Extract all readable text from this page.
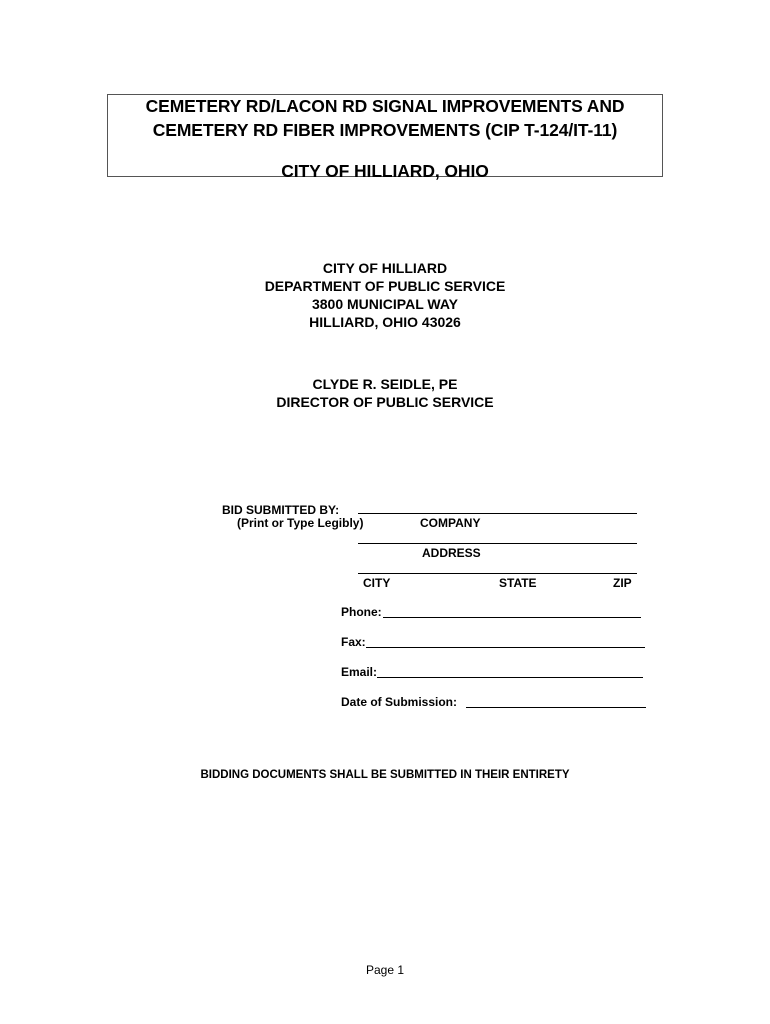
CEMETERY RD/LACON RD SIGNAL IMPROVEMENTS AND
CEMETERY RD FIBER IMPROVEMENTS (CIP T-124/IT-11)
CITY OF HILLIARD, OHIO
CITY OF HILLIARD
DEPARTMENT OF PUBLIC SERVICE
3800 MUNICIPAL WAY
HILLIARD, OHIO 43026
CLYDE R. SEIDLE, PE
DIRECTOR OF PUBLIC SERVICE
BID SUBMITTED BY:
(Print or Type Legibly)	COMPANY
ADDRESS
CITY	STATE	ZIP
Phone:
Fax:
Email:
Date of Submission:
BIDDING DOCUMENTS SHALL BE SUBMITTED IN THEIR ENTIRETY
Page 1
